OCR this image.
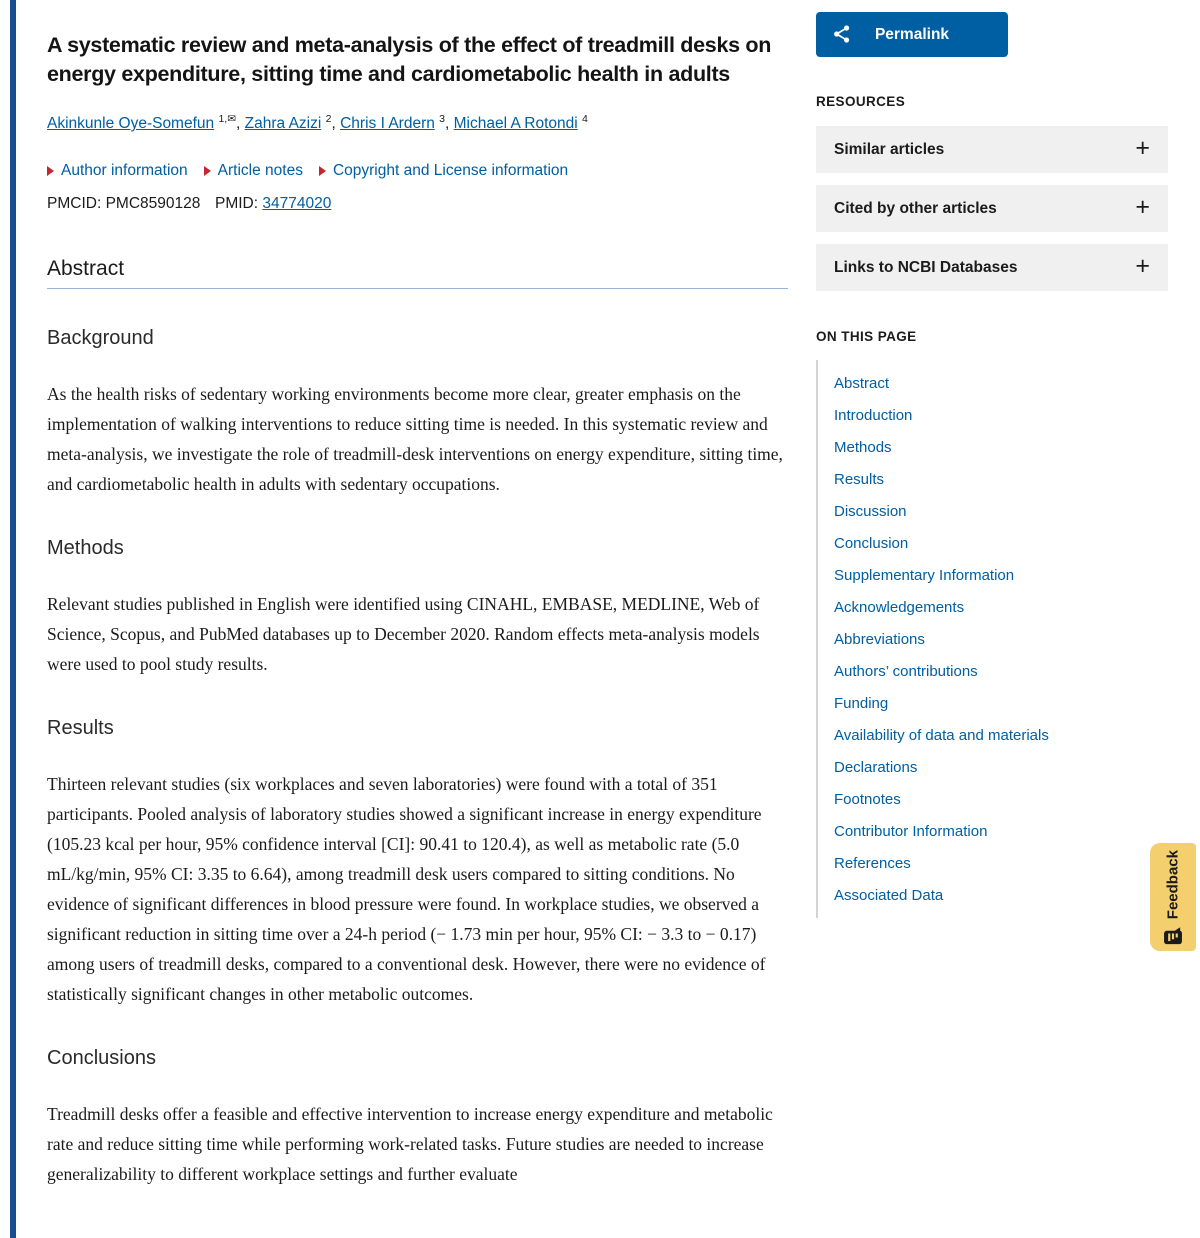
A systematic review and meta-analysis of the effect of treadmill desks on energy expenditure, sitting time and cardiometabolic health in adults
Akinkunle Oye-Somefun $^{1,✉}$, Zahra Azizi $^2$, Chris I Ardern $^3$, Michael A Rotondi $^4$
Author information Article notes Copyright and License information
PMCID: PMC8590128 PMID: 34774020
Abstract
Background

As the health risks of sedentary working environments become more clear, greater emphasis on the implementation of walking interventions to reduce sitting time is needed. In this systematic review and meta-analysis, we investigate the role of treadmill-desk interventions on energy expenditure, sitting time, and cardiometabolic health in adults with sedentary occupations.

Methods

Relevant studies published in English were identified using CINAHL, EMBASE, MEDLINE, Web of Science, Scopus, and PubMed databases up to December 2020. Random effects meta-analysis models were used to pool study results.

Results

Thirteen relevant studies (six workplaces and seven laboratories) were found with a total of 351 participants. Pooled analysis of laboratory studies showed a significant increase in energy expenditure (105.23 kcal per hour, 95% confidence interval [CI]: 90.41 to 120.4), as well as metabolic rate (5.0 mL/kg/min, 95% CI: 3.35 to 6.64), among treadmill desk users compared to sitting conditions. No evidence of significant differences in blood pressure were found. In workplace studies, we observed a significant reduction in sitting time over a 24-h period (− 1.73 min per hour, 95% CI: − 3.3 to − 0.17) among users of treadmill desks, compared to a conventional desk. However, there were no evidence of statistically significant changes in other metabolic outcomes.

Conclusions

Treadmill desks offer a feasible and effective intervention to increase energy expenditure and metabolic rate and reduce sitting time while performing work-related tasks. Future studies are needed to increase generalizability to different workplace settings and further evaluate

Permalink
RESOURCES
Similar articles	+
Cited by other articles	+
Links to NCBI Databases	+
ON THIS PAGE
Abstract
Introduction
Methods
Results
Discussion
Conclusion
Supplementary Information
Acknowledgements
Abbreviations
Authors’ contributions
Funding
Availability of data and materials
Declarations
Footnotes
Contributor Information
References
Associated Data	Feedback
